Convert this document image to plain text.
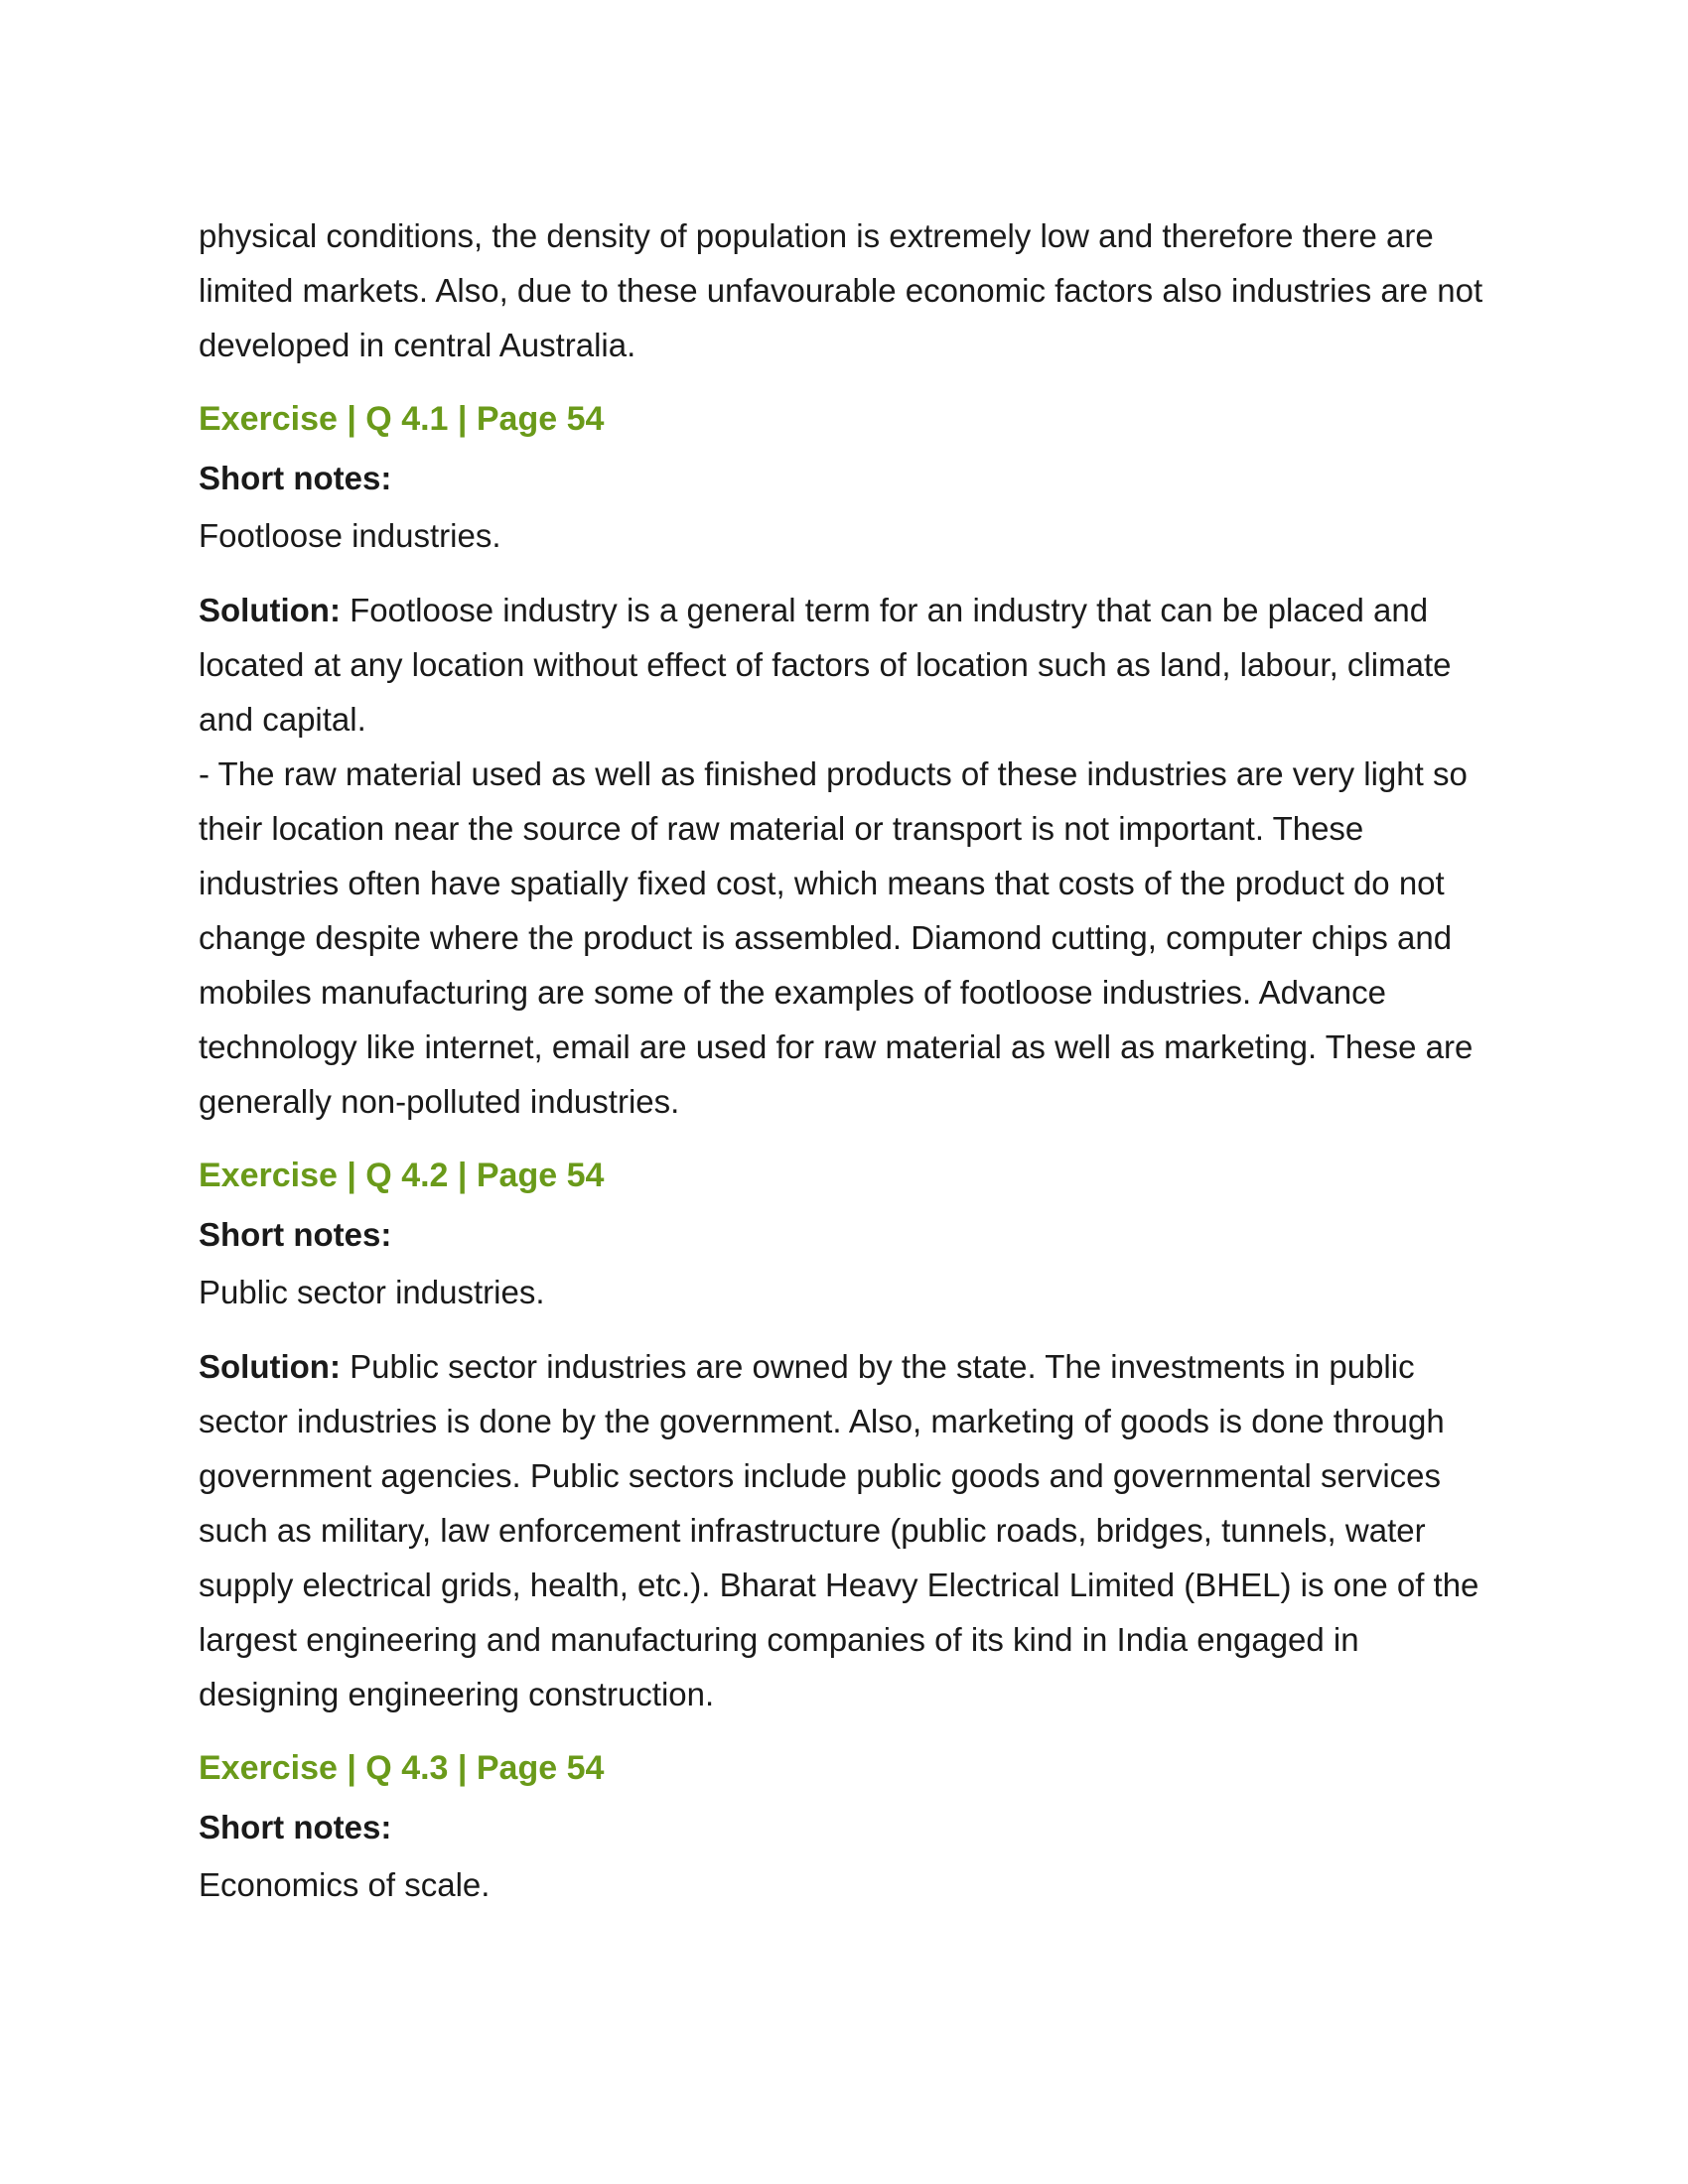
physical conditions, the density of population is extremely low and therefore there are limited markets. Also, due to these unfavourable economic factors also industries are not developed in central Australia.

Exercise | Q 4.1 | Page 54
Short notes:
Footloose industries.

Solution: Footloose industry is a general term for an industry that can be placed and located at any location without effect of factors of location such as land, labour, climate and capital.

- The raw material used as well as finished products of these industries are very light so their location near the source of raw material or transport is not important. These industries often have spatially fixed cost, which means that costs of the product do not change despite where the product is assembled. Diamond cutting, computer chips and mobiles manufacturing are some of the examples of footloose industries. Advance technology like internet, email are used for raw material as well as marketing. These are generally non-polluted industries.

Exercise | Q 4.2 | Page 54
Short notes:
Public sector industries.

Solution: Public sector industries are owned by the state. The investments in public sector industries is done by the government. Also, marketing of goods is done through government agencies. Public sectors include public goods and governmental services such as military, law enforcement infrastructure (public roads, bridges, tunnels, water supply electrical grids, health, etc.). Bharat Heavy Electrical Limited (BHEL) is one of the largest engineering and manufacturing companies of its kind in India engaged in designing engineering construction.

Exercise | Q 4.3 | Page 54
Short notes:
Economics of scale.
